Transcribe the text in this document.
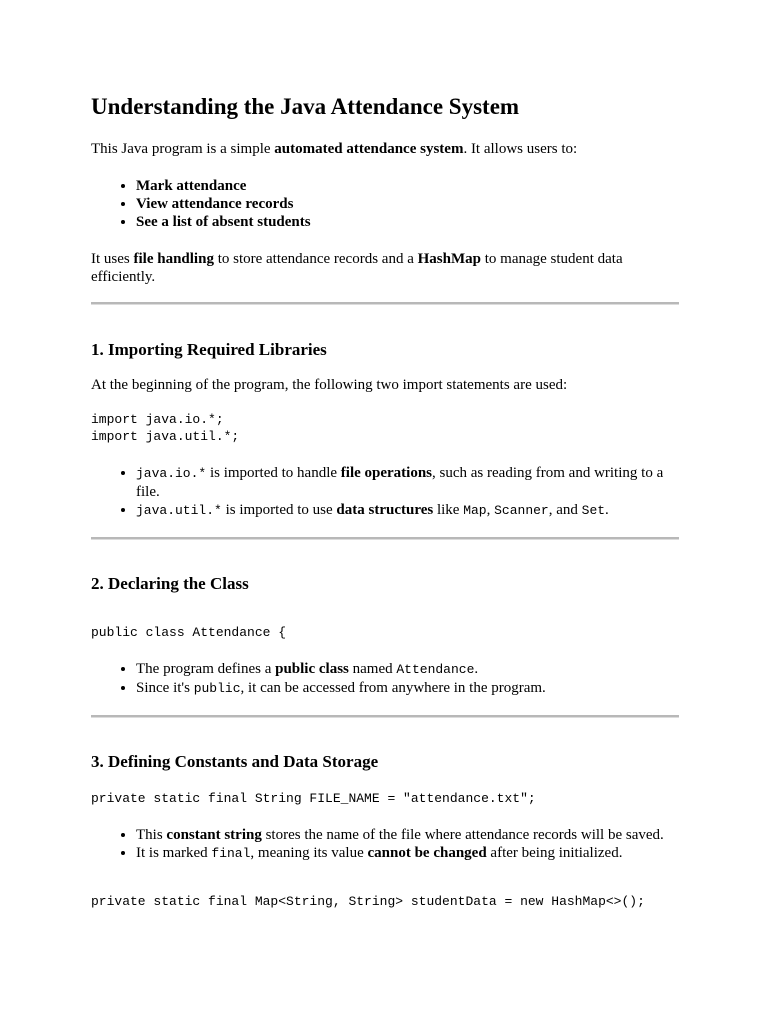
Understanding the Java Attendance System

This Java program is a simple automated attendance system. It allows users to:

• Mark attendance
• View attendance records
• See a list of absent students

It uses file handling to store attendance records and a HashMap to manage student data efficiently.

1. Importing Required Libraries

At the beginning of the program, the following two import statements are used:

import java.io.*;
import java.util.*;
• java.io.* is imported to handle file operations, such as reading from and writing to a file.
• java.util.* is imported to use data structures like Map, Scanner, and Set.
2. Declaring the Class
public class Attendance {
• The program defines a public class named Attendance.
• Since it's public, it can be accessed from anywhere in the program.
3. Defining Constants and Data Storage
private static final String FILE_NAME = "attendance.txt";
• This constant string stores the name of the file where attendance records will be saved.
• It is marked final, meaning its value cannot be changed after being initialized.
private static final Map<String, String> studentData = new HashMap<>();
